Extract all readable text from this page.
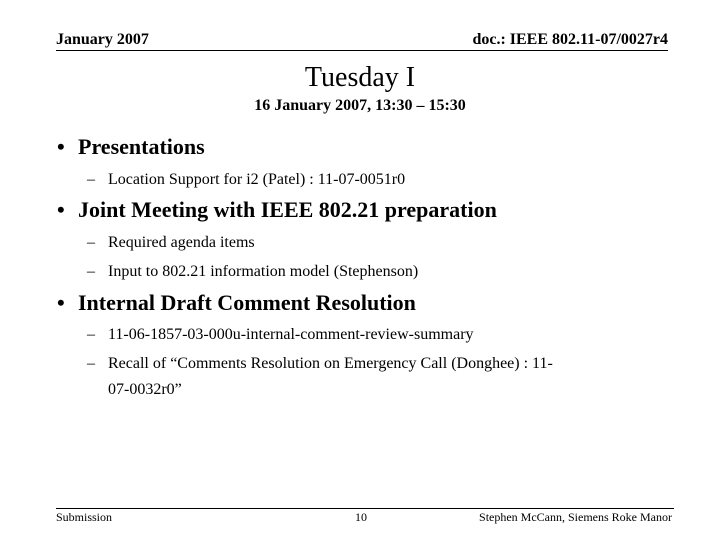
January 2007	doc.: IEEE 802.11-07/0027r4
Tuesday I
16 January 2007, 13:30 – 15:30
• Presentations
– Location Support for i2 (Patel) : 11-07-0051r0
• Joint Meeting with IEEE 802.21 preparation
– Required agenda items
– Input to 802.21 information model (Stephenson)
• Internal Draft Comment Resolution
– 11-06-1857-03-000u-internal-comment-review-summary
– Recall of “Comments Resolution on Emergency Call (Donghee) : 11-
07-0032r0”
Submission	10	Stephen McCann, Siemens Roke Manor
